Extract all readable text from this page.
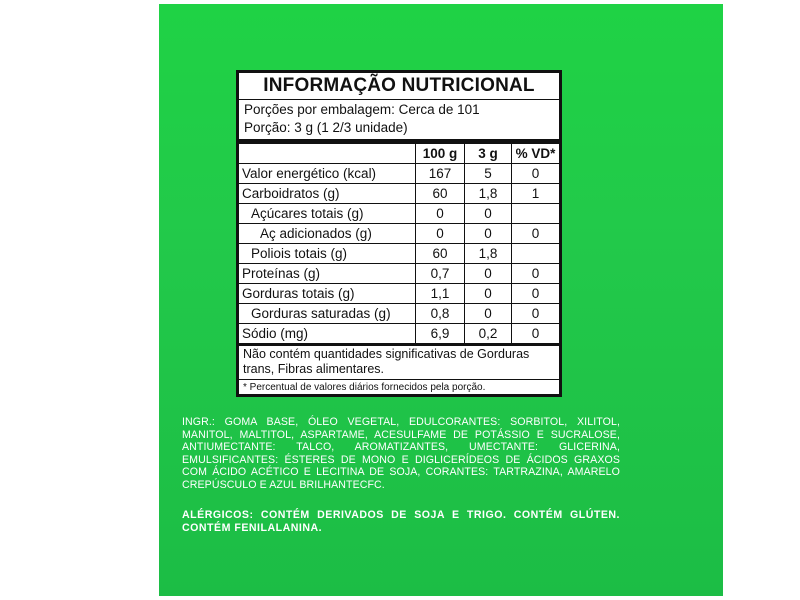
INFORMAÇÃO NUTRICIONAL
Porções por embalagem: Cerca de 101
Porção: 3 g (1 2/3 unidade)
	100 g	3 g	% VD*
Valor energético (kcal)	167	5	0
Carboidratos (g)	60	1,8	1
Açúcares totais (g)	0	0	
Aç adicionados (g)	0	0	0
Poliois totais (g)	60	1,8	
Proteínas (g)	0,7	0	0
Gorduras totais (g)	1,1	0	0
Gorduras saturadas (g)	0,8	0	0
Sódio (mg)	6,9	0,2	0
Não contém quantidades significativas de Gorduras trans, Fibras alimentares.
* Percentual de valores diários fornecidos pela porção.
INGR.: GOMA BASE, ÓLEO VEGETAL, EDULCORANTES: SORBITOL, XILITOL, MANITOL, MALTITOL, ASPARTAME, ACESULFAME DE POTÁSSIO E SUCRALOSE, ANTIUMECTANTE: TALCO, AROMATIZANTES, UMECTANTE: GLICERINA, EMULSIFICANTES: ÉSTERES DE MONO E DIGLICERÍDEOS DE ÁCIDOS GRAXOS COM ÁCIDO ACÉTICO E LECITINA DE SOJA, CORANTES: TARTRAZINA, AMARELO CREPÚSCULO E AZUL BRILHANTECFC.
ALÉRGICOS: CONTÉM DERIVADOS DE SOJA E TRIGO. CONTÉM GLÚTEN. CONTÉM FENILALANINA.
